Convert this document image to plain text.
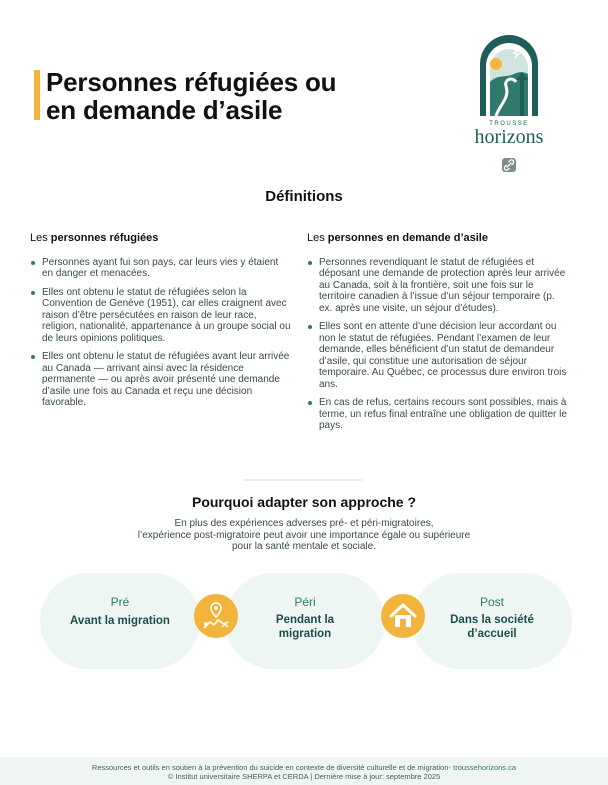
Personnes réfugiées ou
en demande d’asile	TROUSSE
horizons
Définitions
Les personnes réfugiées
Personnes ayant fui son pays, car leurs vies y étaient en danger et menacées.
Elles ont obtenu le statut de réfugiées selon la Convention de Genève (1951), car elles craignent avec raison d’être persécutées en raison de leur race, religion, nationalité, appartenance à un groupe social ou de leurs opinions politiques.
Elles ont obtenu le statut de réfugiées avant leur arrivée au Canada — arrivant ainsi avec la résidence permanente — ou après avoir présenté une demande d’asile une fois au Canada et reçu une décision favorable.
Les personnes en demande d’asile
Personnes revendiquant le statut de réfugiées et déposant une demande de protection après leur arrivée au Canada, soit à la frontière, soit une fois sur le territoire canadien à l’issue d’un séjour temporaire (p. ex. après une visite, un séjour d’études).
Elles sont en attente d’une décision leur accordant ou non le statut de réfugiées. Pendant l’examen de leur demande, elles bénéficient d’un statut de demandeur d’asile, qui constitue une autorisation de séjour temporaire. Au Québec, ce processus dure environ trois ans.
En cas de refus, certains recours sont possibles, mais à terme, un refus final entraîne une obligation de quitter le pays.
Pourquoi adapter son approche ?
En plus des expériences adverses pré- et péri-migratoires,
l’expérience post-migratoire peut avoir une importance égale ou supérieure
pour la santé mentale et sociale.
Pré
Avant la migration
Péri
Pendant la
migration
Post
Dans la société
d’accueil
Ressources et outils en soutien à la prévention du suicide en contexte de diversité culturelle et de migration• troussehorizons.ca
© Institut universitaire SHERPA et CERDA | Dernière mise à jour: septembre 2025
